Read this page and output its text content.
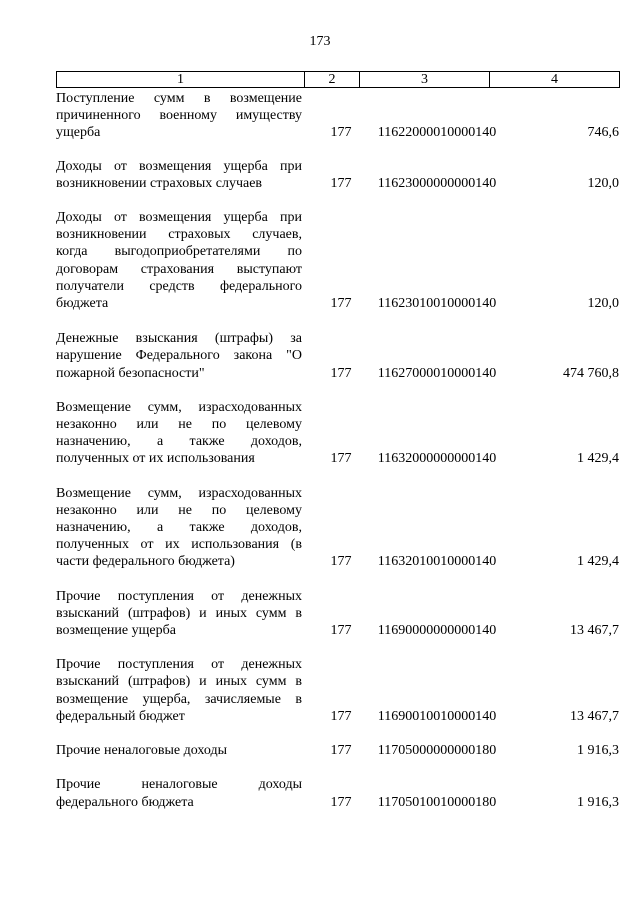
173
1	2	3	4
Поступление сумм в возмещение
причиненного военному имуществу
ущерба	177	11622000010000140	746,6
Доходы от возмещения ущерба при
возникновении страховых случаев	177	11623000000000140	120,0
Доходы от возмещения ущерба при
возникновении страховых случаев,
когда выгодоприобретателями по
договорам страхования выступают
получатели средств федерального
бюджета	177	11623010010000140	120,0
Денежные взыскания (штрафы) за
нарушение Федерального закона "О
пожарной безопасности"	177	11627000010000140	474 760,8
Возмещение сумм, израсходованных
незаконно или не по целевому
назначению, а также доходов,
полученных от их использования	177	11632000000000140	1 429,4
Возмещение сумм, израсходованных
незаконно или не по целевому
назначению, а также доходов,
полученных от их использования (в
части федерального бюджета)	177	11632010010000140	1 429,4
Прочие поступления от денежных
взысканий (штрафов) и иных сумм в
возмещение ущерба	177	11690000000000140	13 467,7
Прочие поступления от денежных
взысканий (штрафов) и иных сумм в
возмещение ущерба, зачисляемые в
федеральный бюджет	177	11690010010000140	13 467,7
Прочие неналоговые доходы	177	11705000000000180	1 916,3
Прочие неналоговые доходы
федерального бюджета	177	11705010010000180	1 916,3
